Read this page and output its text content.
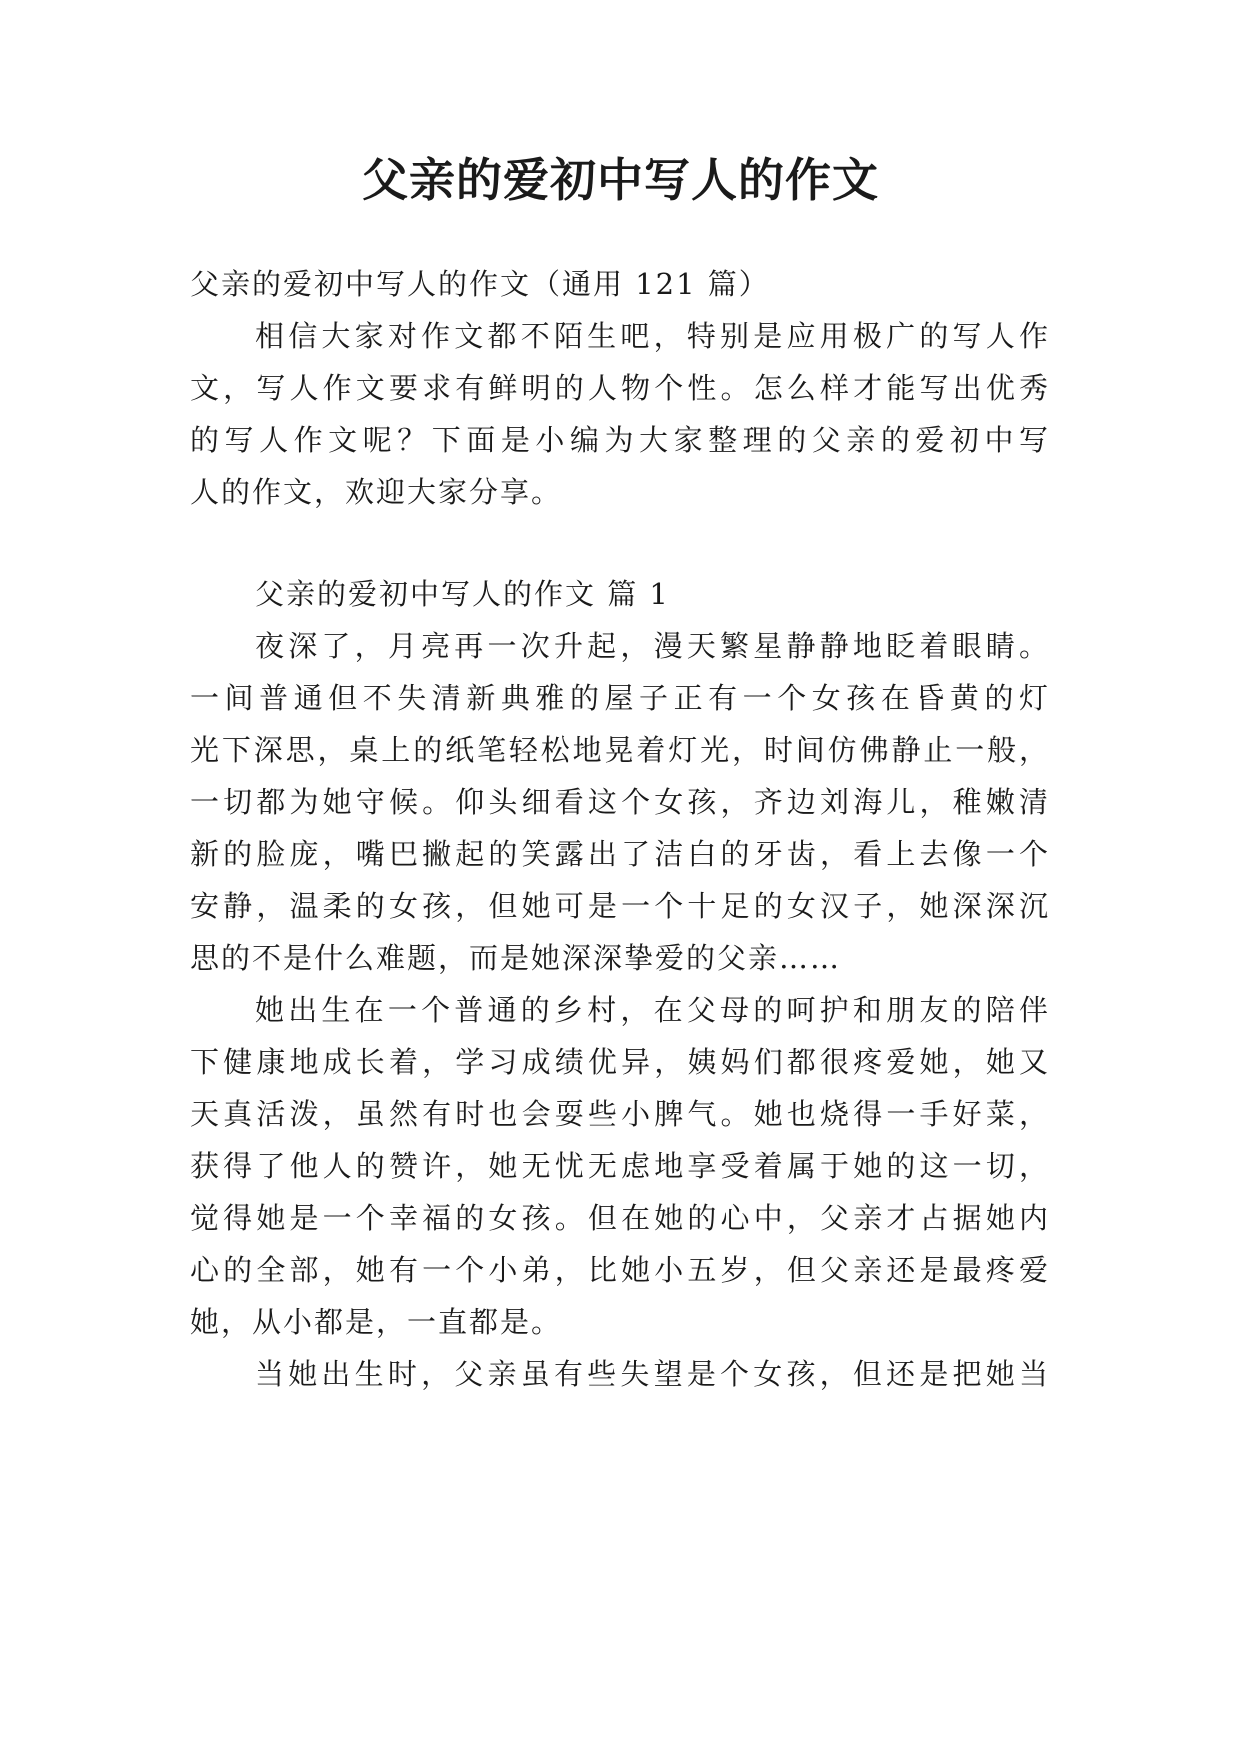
父亲的爱初中写人的作文
父亲的爱初中写人的作文（通用 121 篇）
相信大家对作文都不陌生吧，特别是应用极广的写人作
文，写人作文要求有鲜明的人物个性。怎么样才能写出优秀
的写人作文呢？下面是小编为大家整理的父亲的爱初中写
人的作文，欢迎大家分享。
父亲的爱初中写人的作文 篇 1
夜深了，月亮再一次升起，漫天繁星静静地眨着眼睛。
一间普通但不失清新典雅的屋子正有一个女孩在昏黄的灯
光下深思，桌上的纸笔轻松地晃着灯光，时间仿佛静止一般，
一切都为她守候。仰头细看这个女孩，齐边刘海儿，稚嫩清
新的脸庞，嘴巴撇起的笑露出了洁白的牙齿，看上去像一个
安静，温柔的女孩，但她可是一个十足的女汉子，她深深沉
思的不是什么难题，而是她深深挚爱的父亲……
她出生在一个普通的乡村，在父母的呵护和朋友的陪伴
下健康地成长着，学习成绩优异，姨妈们都很疼爱她，她又
天真活泼，虽然有时也会耍些小脾气。她也烧得一手好菜，
获得了他人的赞许，她无忧无虑地享受着属于她的这一切，
觉得她是一个幸福的女孩。但在她的心中，父亲才占据她内
心的全部，她有一个小弟，比她小五岁，但父亲还是最疼爱
她，从小都是，一直都是。
当她出生时，父亲虽有些失望是个女孩，但还是把她当
